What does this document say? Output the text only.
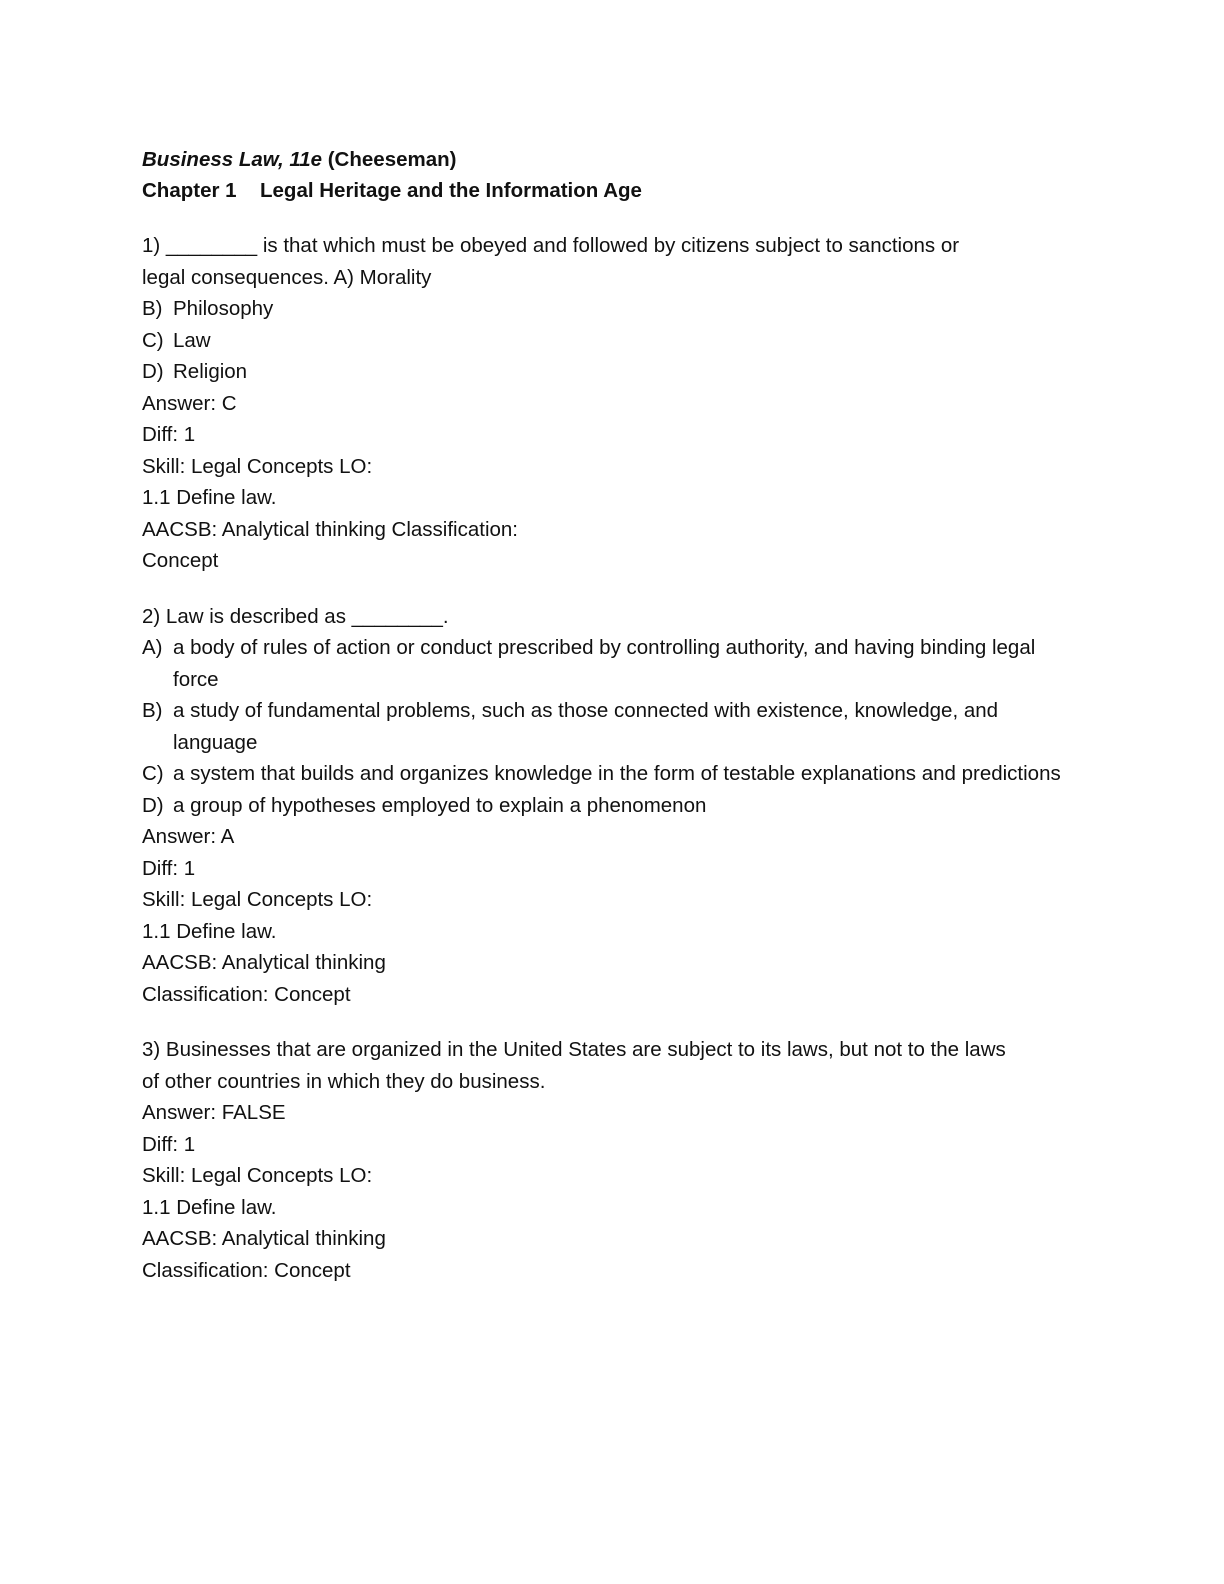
Business Law, 11e (Cheeseman)
Chapter 1 Legal Heritage and the Information Age
1) ________ is that which must be obeyed and followed by citizens subject to sanctions or
legal consequences. A) Morality
B) Philosophy
C) Law
D) Religion
Answer: C
Diff: 1
Skill: Legal Concepts LO:
1.1 Define law.
AACSB: Analytical thinking Classification:
Concept
2) Law is described as ________.
A) a body of rules of action or conduct prescribed by controlling authority, and having binding legal force
B) a study of fundamental problems, such as those connected with existence, knowledge, and language
C) a system that builds and organizes knowledge in the form of testable explanations and predictions
D) a group of hypotheses employed to explain a phenomenon
Answer: A
Diff: 1
Skill: Legal Concepts LO:
1.1 Define law.
AACSB: Analytical thinking
Classification: Concept
3) Businesses that are organized in the United States are subject to its laws, but not to the laws
of other countries in which they do business.
Answer: FALSE
Diff: 1
Skill: Legal Concepts LO:
1.1 Define law.
AACSB: Analytical thinking
Classification: Concept
